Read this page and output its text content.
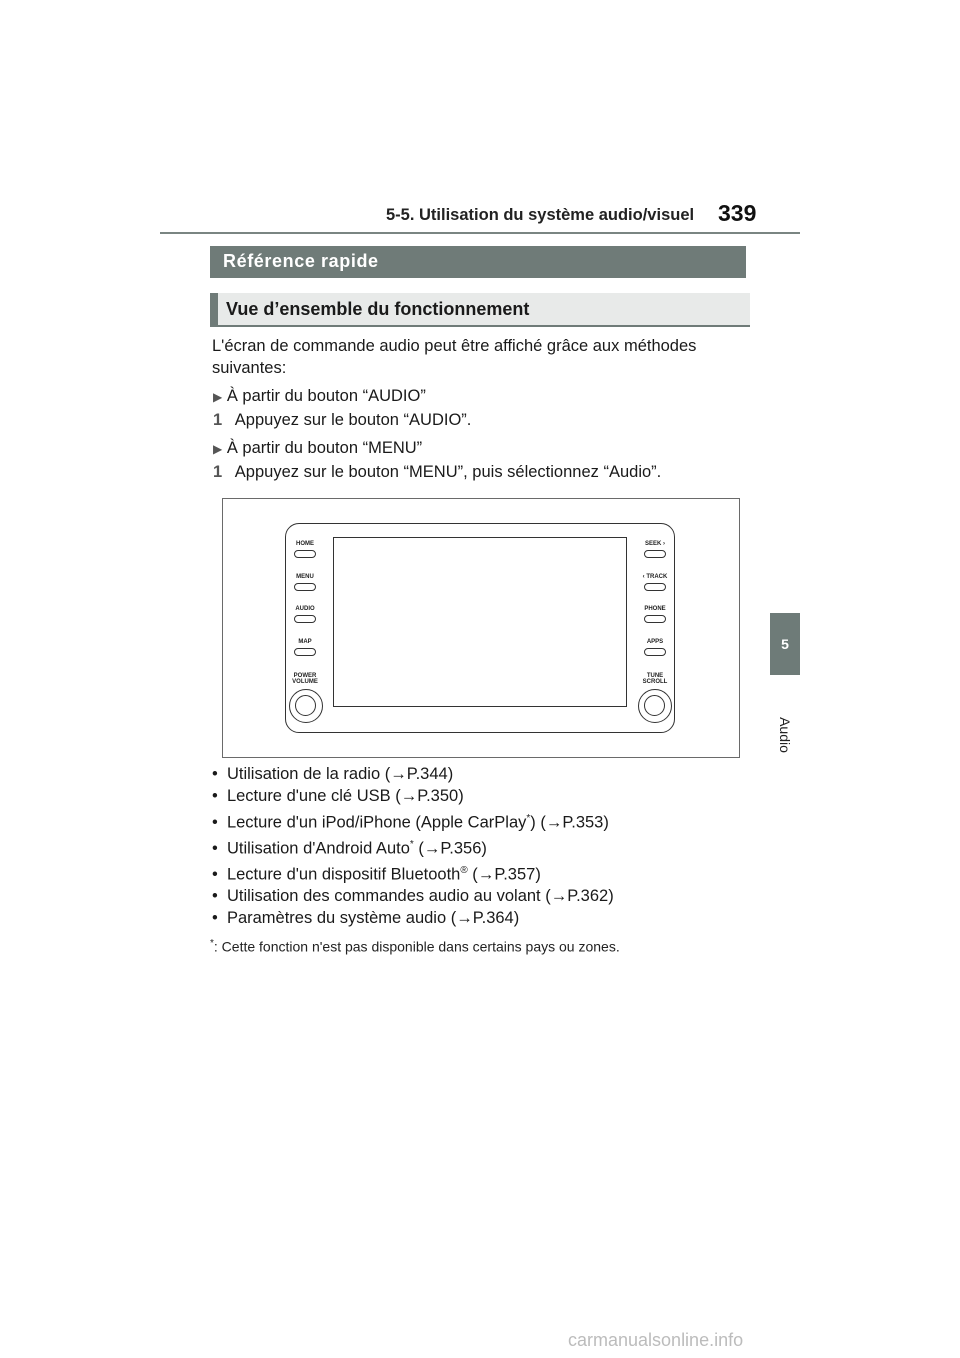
5-5. Utilisation du système audio/visuel 339
5
Audio
Référence rapide
Vue d’ensemble du fonctionnement
L'écran de commande audio peut être affiché grâce aux méthodes
suivantes:
▶ À partir du bouton “AUDIO”
1 Appuyez sur le bouton “AUDIO”.
▶ À partir du bouton “MENU”
1 Appuyez sur le bouton “MENU”, puis sélectionnez “Audio”.
HOME
MENU
AUDIO
MAP
POWER
VOLUME
SEEK ›
‹ TRACK
PHONE
APPS
TUNE
SCROLL
•  Utilisation de la radio (→P.344)
•  Lecture d'une clé USB (→P.350)
•  Lecture d'un iPod/iPhone (Apple CarPlay*) (→P.353)
•  Utilisation d'Android Auto* (→P.356)
•  Lecture d'un dispositif Bluetooth® (→P.357)
•  Utilisation des commandes audio au volant (→P.362)
•  Paramètres du système audio (→P.364)
*: Cette fonction n'est pas disponible dans certains pays ou zones.
carmanualsonline.info
